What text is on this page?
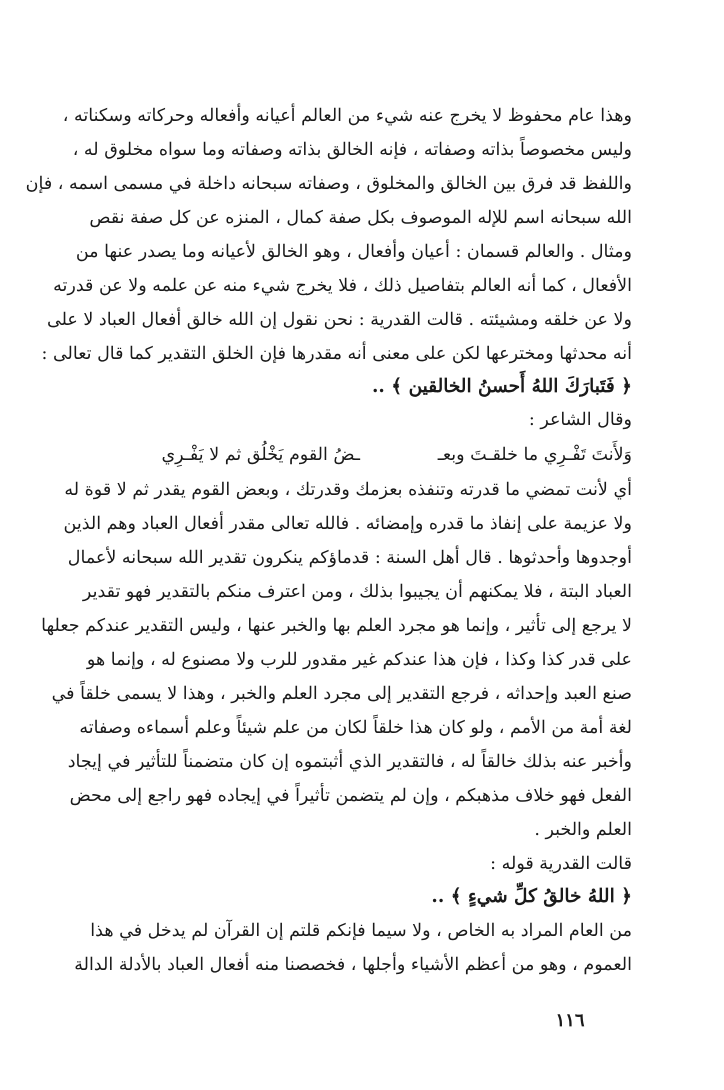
وهذا عام محفوظ لا يخرج عنه شيء من العالم أعيانه وأفعاله وحركاته وسكناته ،
وليس مخصوصاً بذاته وصفاته ، فإنه الخالق بذاته وصفاته وما سواه مخلوق له ،
واللفظ قد فرق بين الخالق والمخلوق ، وصفاته سبحانه داخلة في مسمى اسمه ، فإن
الله سبحانه اسم للإله الموصوف بكل صفة كمال ، المنزه عن كل صفة نقص
ومثال . والعالم قسمان : أعيان وأفعال ، وهو الخالق لأعيانه وما يصدر عنها من
الأفعال ، كما أنه العالم بتفاصيل ذلك ، فلا يخرج شيء منه عن علمه ولا عن قدرته
ولا عن خلقه ومشيئته . قالت القدرية : نحن نقول إن الله خالق أفعال العباد لا على
أنه محدثها ومخترعها لكن على معنى أنه مقدرها فإن الخلق التقدير كما قال تعالى :
﴿ فَتَبارَكَ اللهُ أَحسنُ الخالقين ﴾ ..
وقال الشاعر :
وَلأَنتَ تَفْـرِي ما خلقـتَ وبعـ
ـضُ القوم يَخْلُق ثم لا يَفْـرِي
أي لأنت تمضي ما قدرته وتنفذه بعزمك وقدرتك ، وبعض القوم يقدر ثم لا قوة له
ولا عزيمة على إنفاذ ما قدره وإمضائه . فالله تعالى مقدر أفعال العباد وهم الذين
أوجدوها وأحدثوها . قال أهل السنة : قدماؤكم ينكرون تقدير الله سبحانه لأعمال
العباد البتة ، فلا يمكنهم أن يجيبوا بذلك ، ومن اعترف منكم بالتقدير فهو تقدير
لا يرجع إلى تأثير ، وإنما هو مجرد العلم بها والخبر عنها ، وليس التقدير عندكم جعلها
على قدر كذا وكذا ، فإن هذا عندكم غير مقدور للرب ولا مصنوع له ، وإنما هو
صنع العبد وإحداثه ، فرجع التقدير إلى مجرد العلم والخبر ، وهذا لا يسمى خلقاً في
لغة أمة من الأمم ، ولو كان هذا خلقاً لكان من علم شيئاً وعلم أسماءه وصفاته
وأخبر عنه بذلك خالقاً له ، فالتقدير الذي أثبتموه إن كان متضمناً للتأثير في إيجاد
الفعل فهو خلاف مذهبكم ، وإن لم يتضمن تأثيراً في إيجاده فهو راجع إلى محض
العلم والخبر .
قالت القدرية قوله :
﴿ اللهُ خالقُ كلِّ شيءٍ ﴾ ..
من العام المراد به الخاص ، ولا سيما فإنكم قلتم إن القرآن لم يدخل في هذا
العموم ، وهو من أعظم الأشياء وأجلها ، فخصصنا منه أفعال العباد بالأدلة الدالة
١١٦
